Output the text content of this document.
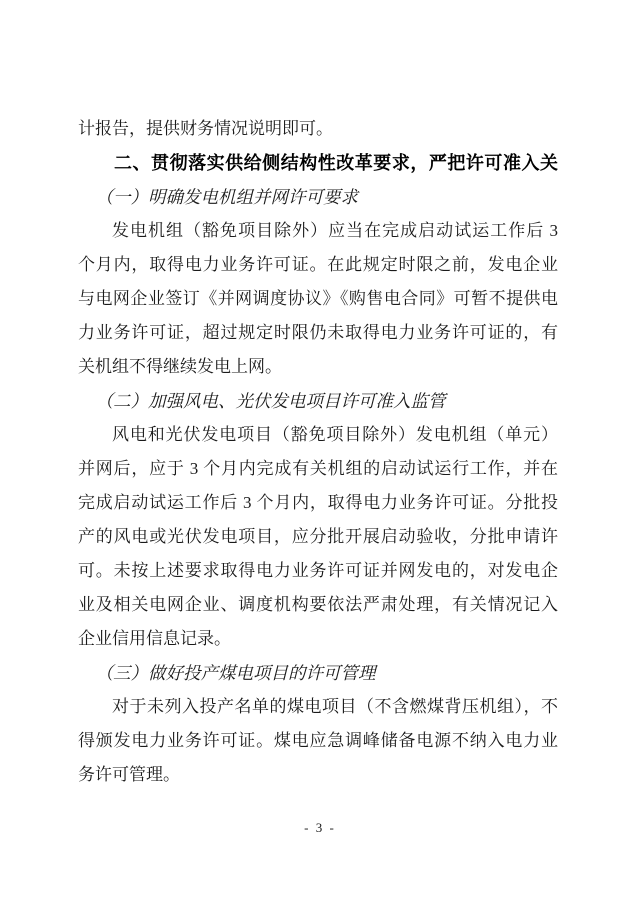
计报告，提供财务情况说明即可。
二、贯彻落实供给侧结构性改革要求，严把许可准入关
（一）明确发电机组并网许可要求
发电机组（豁免项目除外）应当在完成启动试运工作后 3
个月内，取得电力业务许可证。在此规定时限之前，发电企业
与电网企业签订《并网调度协议》《购售电合同》可暂不提供电
力业务许可证，超过规定时限仍未取得电力业务许可证的，有
关机组不得继续发电上网。
（二）加强风电、光伏发电项目许可准入监管
风电和光伏发电项目（豁免项目除外）发电机组（单元）
并网后，应于 3 个月内完成有关机组的启动试运行工作，并在
完成启动试运工作后 3 个月内，取得电力业务许可证。分批投
产的风电或光伏发电项目，应分批开展启动验收，分批申请许
可。未按上述要求取得电力业务许可证并网发电的，对发电企
业及相关电网企业、调度机构要依法严肃处理，有关情况记入
企业信用信息记录。
（三）做好投产煤电项目的许可管理
对于未列入投产名单的煤电项目（不含燃煤背压机组），不
得颁发电力业务许可证。煤电应急调峰储备电源不纳入电力业
务许可管理。
- 3 -
